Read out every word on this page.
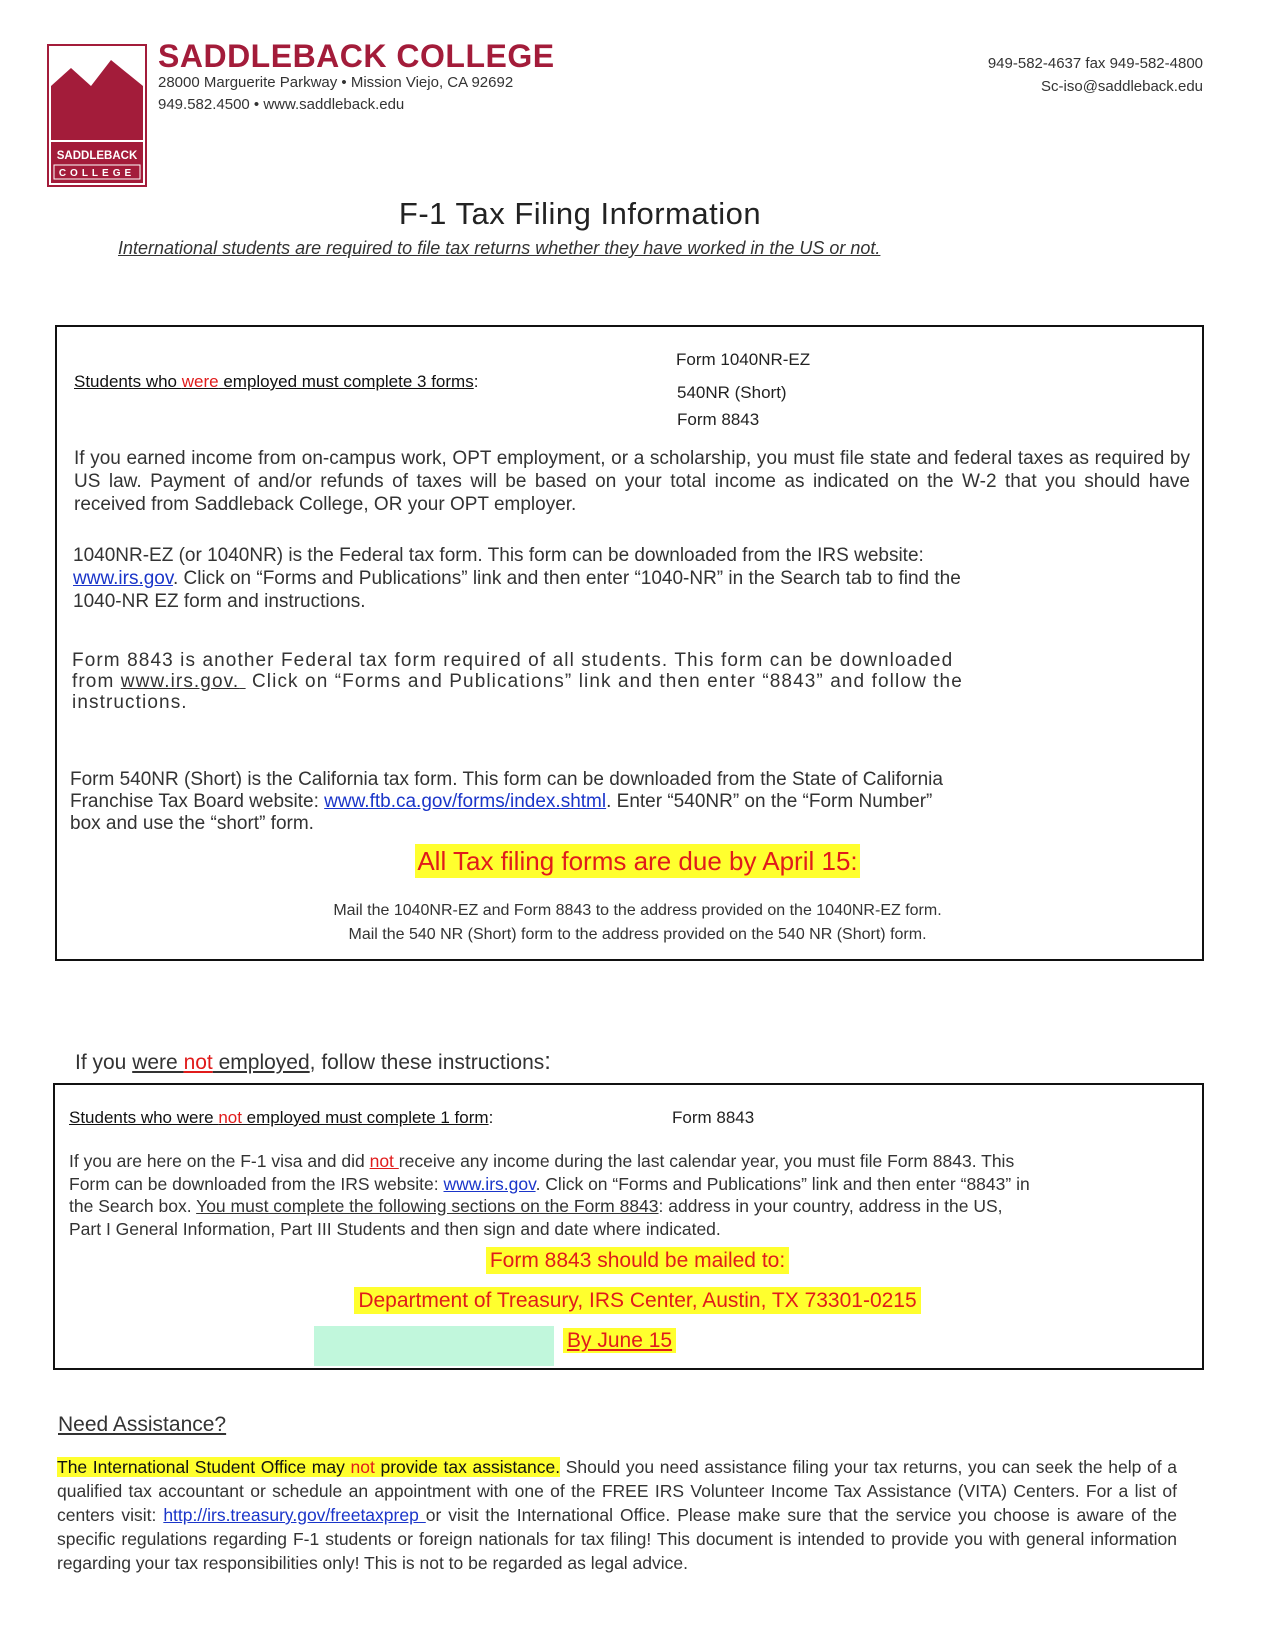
SADDLEBACK
COLLEGE
SADDLEBACK COLLEGE
28000 Marguerite Parkway • Mission Viejo, CA 92692
949.582.4500 • www.saddleback.edu
949-582-4637 fax 949-582-4800
Sc-iso@saddleback.edu
F-1 Tax Filing Information
International students are required to file tax returns whether they have worked in the US or not.
Students who were employed must complete 3 forms:
Form 1040NR-EZ
540NR (Short)
Form 8843
If you earned income from on-campus work, OPT employment, or a scholarship, you must file state and federal taxes as required by US law. Payment of and/or refunds of taxes will be based on your total income as indicated on the W-2 that you should have received from Saddleback College, OR your OPT employer.
1040NR-EZ (or 1040NR) is the Federal tax form. This form can be downloaded from the IRS website:
www.irs.gov. Click on “Forms and Publications” link and then enter “1040-NR” in the Search tab to find the
1040-NR EZ form and instructions.
Form 8843 is another Federal tax form required of all students. This form can be downloaded
from www.irs.gov.  Click on “Forms and Publications” link and then enter “8843” and follow the
instructions.
Form 540NR (Short) is the California tax form. This form can be downloaded from the State of California
Franchise Tax Board website: www.ftb.ca.gov/forms/index.shtml. Enter “540NR” on the “Form Number”
box and use the “short” form.
All Tax filing forms are due by April 15:
Mail the 1040NR-EZ and Form 8843 to the address provided on the 1040NR-EZ form.
Mail the 540 NR (Short) form to the address provided on the 540 NR (Short) form.
If you were not employed, follow these instructions:
Students who were not employed must complete 1 form:	Form 8843
If you are here on the F-1 visa and did not receive any income during the last calendar year, you must file Form 8843. This
Form can be downloaded from the IRS website: www.irs.gov. Click on “Forms and Publications” link and then enter “8843” in
the Search box. You must complete the following sections on the Form 8843: address in your country, address in the US,
Part I General Information, Part III Students and then sign and date where indicated.
Form 8843 should be mailed to:
Department of Treasury, IRS Center, Austin, TX 73301-0215
By June 15
Need Assistance?
The International Student Office may not provide tax assistance. Should you need assistance filing your tax returns, you can seek the help of a qualified tax accountant or schedule an appointment with one of the FREE IRS Volunteer Income Tax Assistance (VITA) Centers. For a list of centers visit: http://irs.treasury.gov/freetaxprep or visit the International Office. Please make sure that the service you choose is aware of the specific regulations regarding F-1 students or foreign nationals for tax filing! This document is intended to provide you with general information regarding your tax responsibilities only! This is not to be regarded as legal advice.
